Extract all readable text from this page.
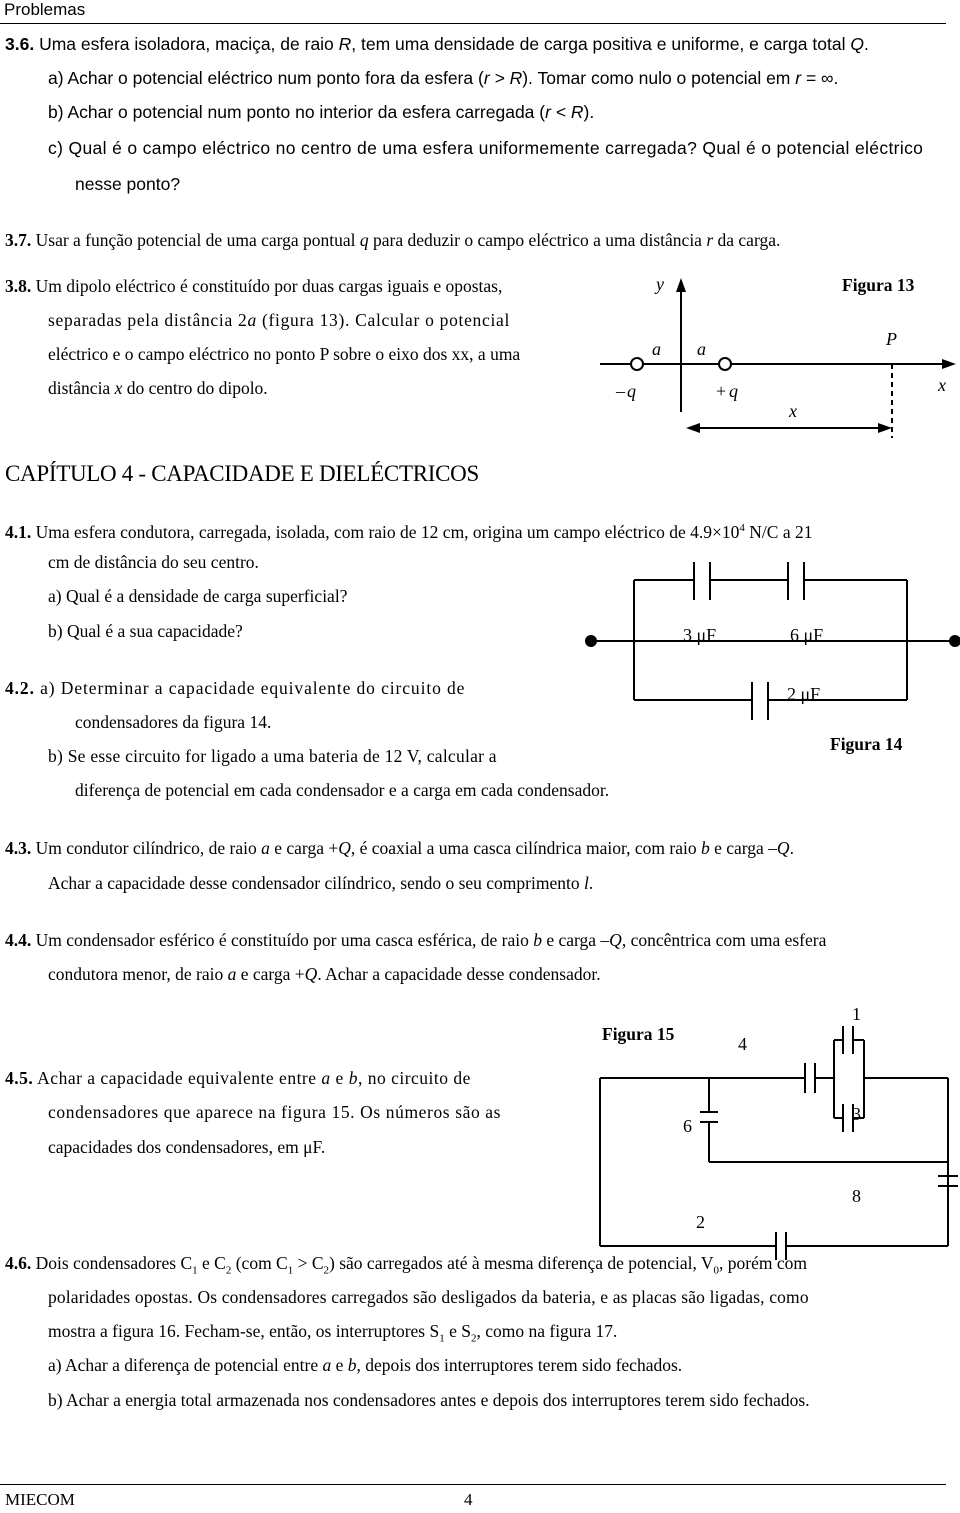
Problemas
3.6. Uma esfera isoladora, maciça, de raio R, tem uma densidade de carga positiva e uniforme, e carga total Q.
a) Achar o potencial eléctrico num ponto fora da esfera (r > R). Tomar como nulo o potencial em r = ∞.
b) Achar o potencial num ponto no interior da esfera carregada (r < R).
c) Qual é o campo eléctrico no centro de uma esfera uniformemente carregada? Qual é o potencial eléctrico
nesse ponto?
3.7. Usar a função potencial de uma carga pontual q para deduzir o campo eléctrico a uma distância r da carga.
3.8. Um dipolo eléctrico é constituído por duas cargas iguais e opostas,
separadas pela distância 2a (figura 13). Calcular o potencial
eléctrico e o campo eléctrico no ponto P sobre o eixo dos xx, a uma
distância x do centro do dipolo.
y	Figura 13
a a	P
– q	+ q	x
x
CAPÍTULO 4 - CAPACIDADE E DIELÉCTRICOS
4.1. Uma esfera condutora, carregada, isolada, com raio de 12 cm, origina um campo eléctrico de $4.9\times 10^4$ N/C a 21
cm de distância do seu centro.
a) Qual é a densidade de carga superficial?
b) Qual é a sua capacidade?	3 μF	6 μF
2 μF
Figura 14
4.2. a) Determinar a capacidade equivalente do circuito de
condensadores da figura 14.
b) Se esse circuito for ligado a uma bateria de 12 V, calcular a
diferença de potencial em cada condensador e a carga em cada condensador.
4.3. Um condutor cilíndrico, de raio a e carga +Q, é coaxial a uma casca cilíndrica maior, com raio b e carga –Q.
Achar a capacidade desse condensador cilíndrico, sendo o seu comprimento l.
4.4. Um condensador esférico é constituído por uma casca esférica, de raio b e carga –Q, concêntrica com uma esfera
condutora menor, de raio a e carga +Q. Achar a capacidade desse condensador.
4.5. Achar a capacidade equivalente entre a e b, no circuito de
condensadores que aparece na figura 15. Os números são as
capacidades dos condensadores, em μF.
Figura 15
1
4
6
3
8
2
4.6. Dois condensadores $C_1$ e $C_2$ (com $C_1 > C_2$) são carregados até à mesma diferença de potencial, $V_0$, porém com
polaridades opostas. Os condensadores carregados são desligados da bateria, e as placas são ligadas, como
mostra a figura 16. Fecham-se, então, os interruptores $S_1$ e $S_2$, como na figura 17.
a) Achar a diferença de potencial entre a e b, depois dos interruptores terem sido fechados.
b) Achar a energia total armazenada nos condensadores antes e depois dos interruptores terem sido fechados.
MIECOM	4
